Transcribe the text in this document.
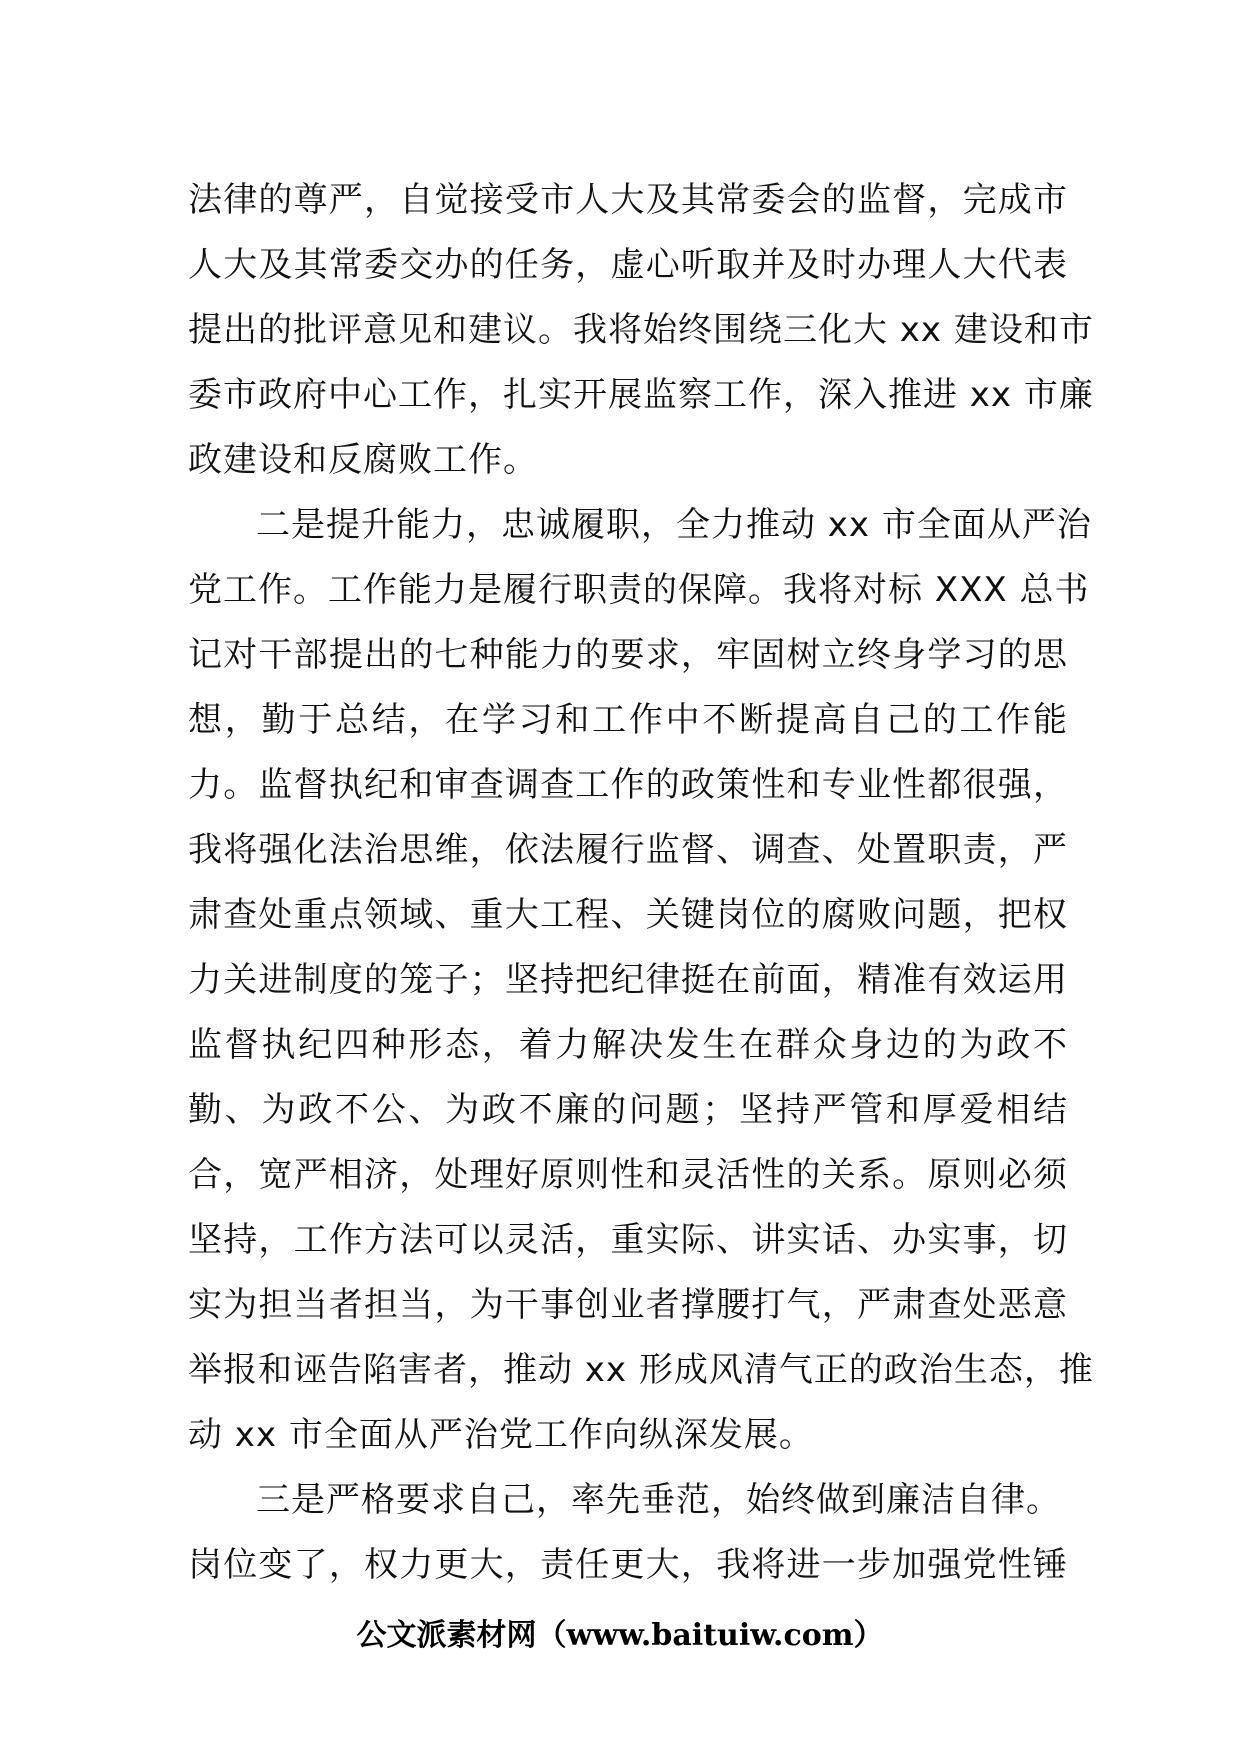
法律的尊严，自觉接受市人大及其常委会的监督，完成市
人大及其常委交办的任务，虚心听取并及时办理人大代表
提出的批评意见和建议。我将始终围绕三化大 xx 建设和市
委市政府中心工作，扎实开展监察工作，深入推进 xx 市廉
政建设和反腐败工作。
二是提升能力，忠诚履职，全力推动 xx 市全面从严治
党工作。工作能力是履行职责的保障。我将对标 XXX 总书
记对干部提出的七种能力的要求，牢固树立终身学习的思
想，勤于总结，在学习和工作中不断提高自己的工作能
力。监督执纪和审查调查工作的政策性和专业性都很强，
我将强化法治思维，依法履行监督、调查、处置职责，严
肃查处重点领域、重大工程、关键岗位的腐败问题，把权
力关进制度的笼子；坚持把纪律挺在前面，精准有效运用
监督执纪四种形态，着力解决发生在群众身边的为政不
勤、为政不公、为政不廉的问题；坚持严管和厚爱相结
合，宽严相济，处理好原则性和灵活性的关系。原则必须
坚持，工作方法可以灵活，重实际、讲实话、办实事，切
实为担当者担当，为干事创业者撑腰打气，严肃查处恶意
举报和诬告陷害者，推动 xx 形成风清气正的政治生态，推
动 xx 市全面从严治党工作向纵深发展。
三是严格要求自己，率先垂范，始终做到廉洁自律。
岗位变了，权力更大，责任更大，我将进一步加强党性锤
公文派素材网（www.baituiw.com）
